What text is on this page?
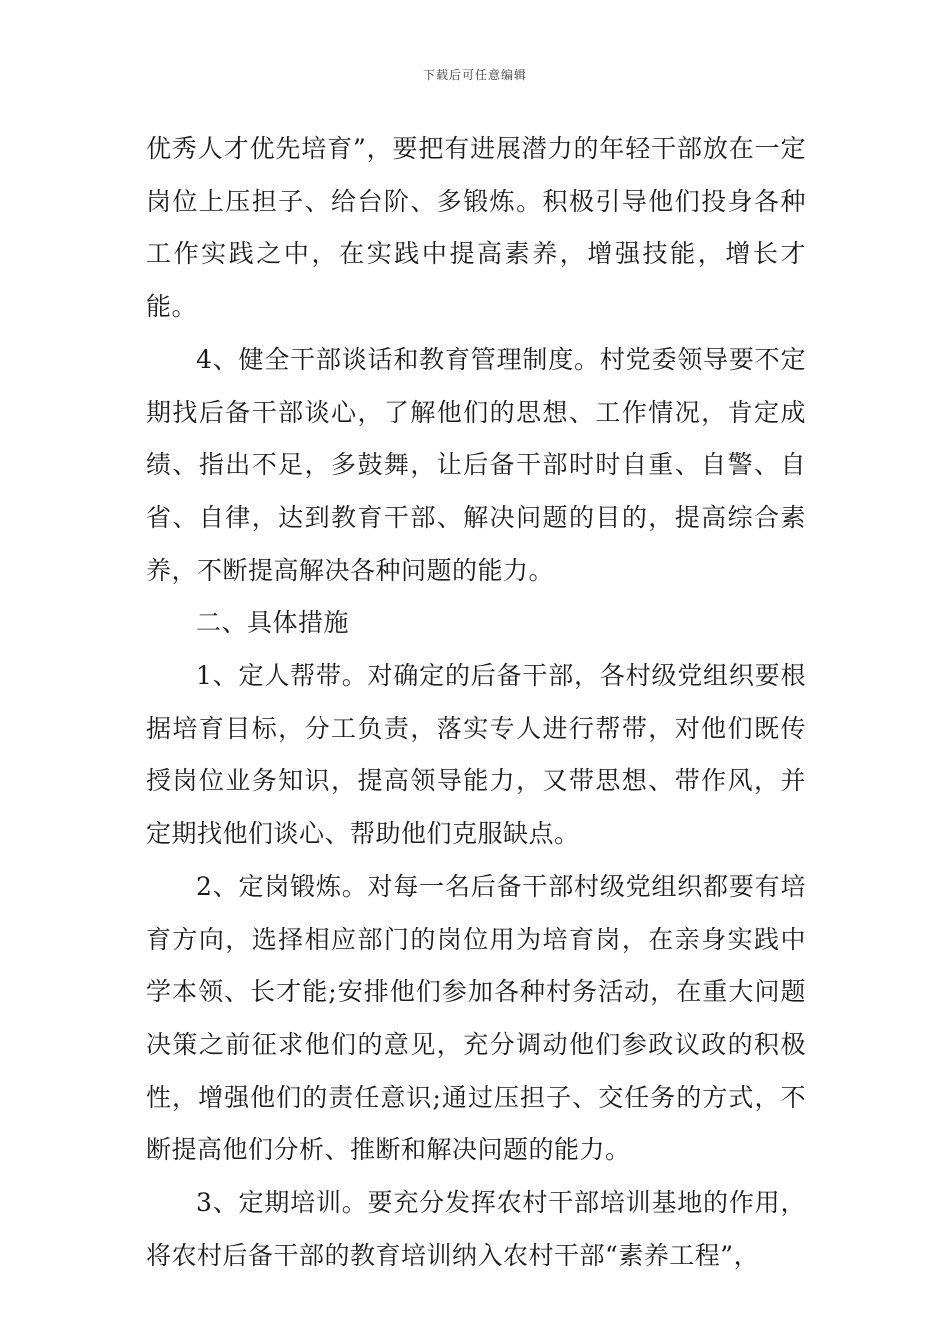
下载后可任意编辑

优秀人才优先培育”，要把有进展潜力的年轻干部放在一定岗位上压担子、给台阶、多锻炼。积极引导他们投身各种工作实践之中，在实践中提高素养，增强技能，增长才能。

4、健全干部谈话和教育管理制度。村党委领导要不定期找后备干部谈心，了解他们的思想、工作情况，肯定成绩、指出不足，多鼓舞，让后备干部时时自重、自警、自省、自律，达到教育干部、解决问题的目的，提高综合素养，不断提高解决各种问题的能力。

二、具体措施

1、定人帮带。对确定的后备干部，各村级党组织要根据培育目标，分工负责，落实专人进行帮带，对他们既传授岗位业务知识，提高领导能力，又带思想、带作风，并定期找他们谈心、帮助他们克服缺点。

2、定岗锻炼。对每一名后备干部村级党组织都要有培育方向，选择相应部门的岗位用为培育岗，在亲身实践中学本领、长才能;安排他们参加各种村务活动，在重大问题决策之前征求他们的意见，充分调动他们参政议政的积极性，增强他们的责任意识;通过压担子、交任务的方式，不断提高他们分析、推断和解决问题的能力。

3、定期培训。要充分发挥农村干部培训基地的作用，将农村后备干部的教育培训纳入农村干部“素养工程”，
